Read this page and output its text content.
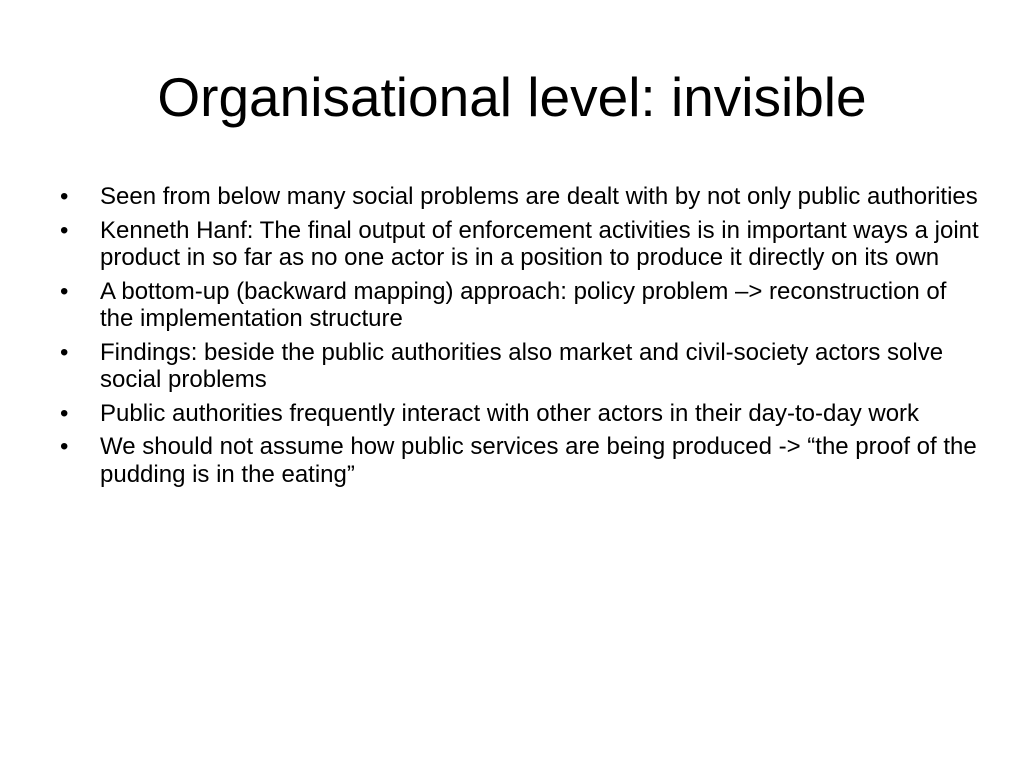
Organisational level: invisible
•	Seen from below many social problems are dealt with by not only public authorities
•	Kenneth Hanf: The final output of enforcement activities is in important ways a joint product in so far as no one actor is in a position to produce it directly on its own
•	A bottom-up (backward mapping) approach: policy problem –> reconstruction of the implementation structure
•	Findings: beside the public authorities also market and civil-society actors solve social problems
•	Public authorities frequently interact with other actors in their day-to-day work
•	We should not assume how public services are being produced -> “the proof of the pudding is in the eating”
